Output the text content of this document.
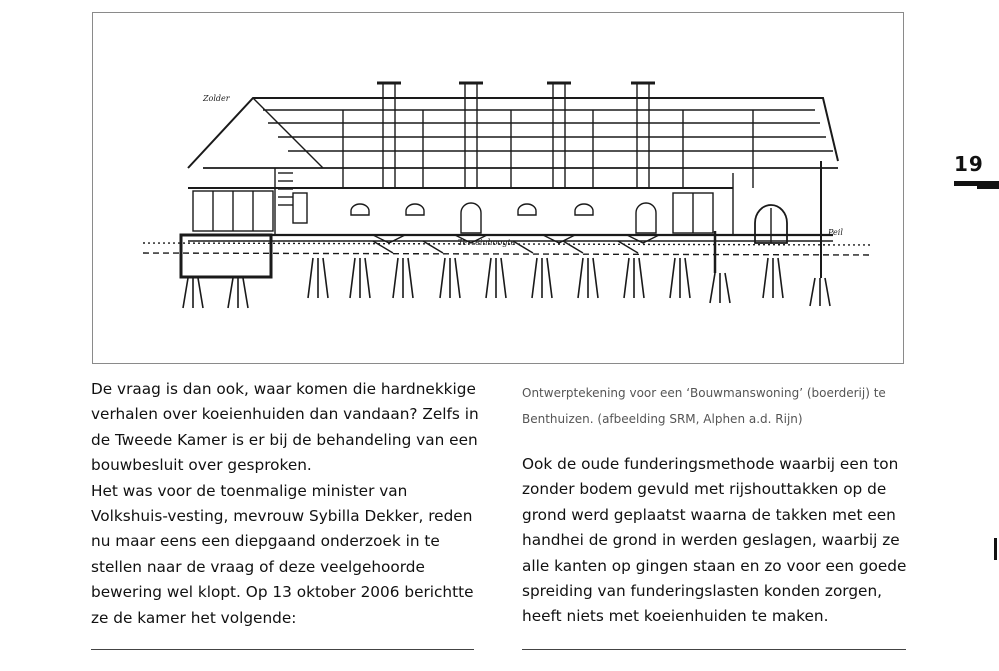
Zolder
Terreinhoogte
Peil
19

De vraag is dan ook, waar komen die hardnekkige verhalen over koeienhuiden dan vandaan? Zelfs in de Tweede Kamer is er bij de behandeling van een bouwbesluit over gesproken.

Het was voor de toenmalige minister van Volkshuis-vesting, mevrouw Sybilla Dekker, reden nu maar eens een diepgaand onderzoek in te stellen naar de vraag of deze veelgehoorde bewering wel klopt. Op 13 oktober 2006 berichtte ze de kamer het volgende:

Ontwerptekening voor een ‘Bouwmanswoning’ (boerderij) te Benthuizen. (afbeelding SRM, Alphen a.d. Rijn)

Ook de oude funderingsmethode waarbij een ton zonder bodem gevuld met rijshouttakken op de grond werd geplaatst waarna de takken met een handhei de grond in werden geslagen, waarbij ze alle kanten op gingen staan en zo voor een goede spreiding van funderingslasten konden zorgen, heeft niets met koeienhuiden te maken.
